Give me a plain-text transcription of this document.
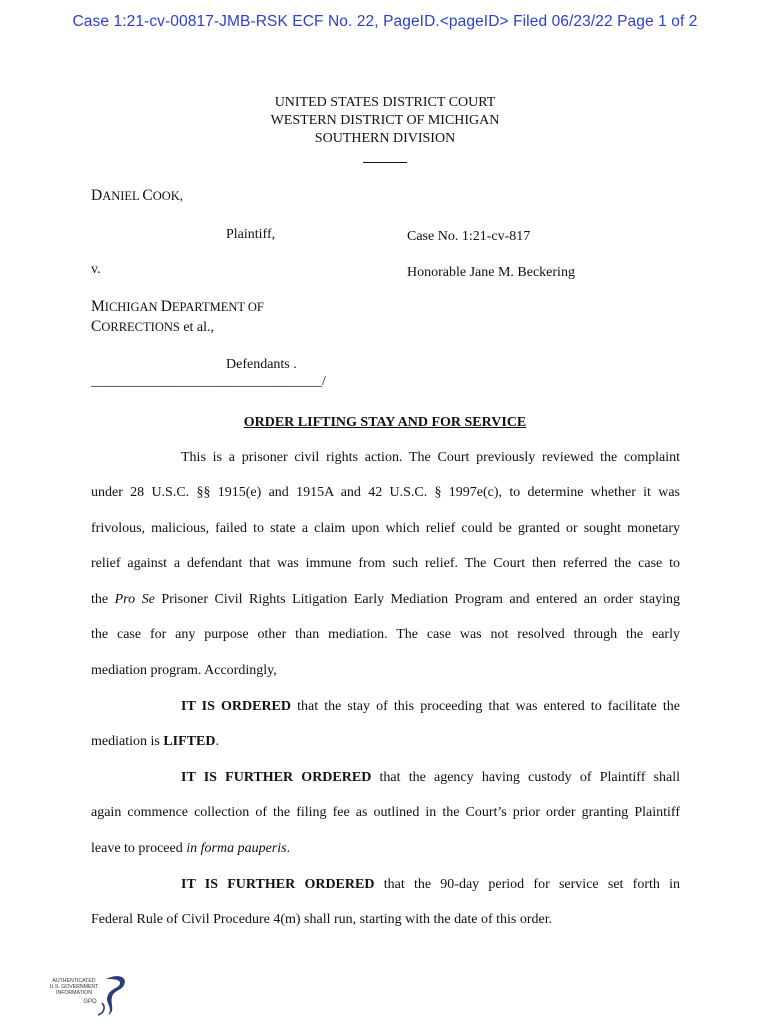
Case 1:21-cv-00817-JMB-RSK ECF No. 22, PageID.<pageID> Filed 06/23/22 Page 1 of 2
UNITED STATES DISTRICT COURT
WESTERN DISTRICT OF MICHIGAN
SOUTHERN DIVISION
DANIEL COOK,
Plaintiff,	Case No. 1:21-cv-817
v.	Honorable Jane M. Beckering
MICHIGAN DEPARTMENT OF
CORRECTIONS et al.,
Defendants .
_________________________________/
ORDER LIFTING STAY AND FOR SERVICE
This is a prisoner civil rights action. The Court previously reviewed the complaint
under 28 U.S.C. §§ 1915(e) and 1915A and 42 U.S.C. § 1997e(c), to determine whether it was
frivolous, malicious, failed to state a claim upon which relief could be granted or sought monetary
relief against a defendant that was immune from such relief. The Court then referred the case to
the Pro Se Prisoner Civil Rights Litigation Early Mediation Program and entered an order staying
the case for any purpose other than mediation. The case was not resolved through the early
mediation program. Accordingly,
IT IS ORDERED that the stay of this proceeding that was entered to facilitate the
mediation is LIFTED.
IT IS FURTHER ORDERED that the agency having custody of Plaintiff shall
again commence collection of the filing fee as outlined in the Court’s prior order granting Plaintiff
leave to proceed in forma pauperis.
IT IS FURTHER ORDERED that the 90-day period for service set forth in
Federal Rule of Civil Procedure 4(m) shall run, starting with the date of this order.
AUTHENTICATED
U.S. GOVERNMENT
INFORMATION
GPO
